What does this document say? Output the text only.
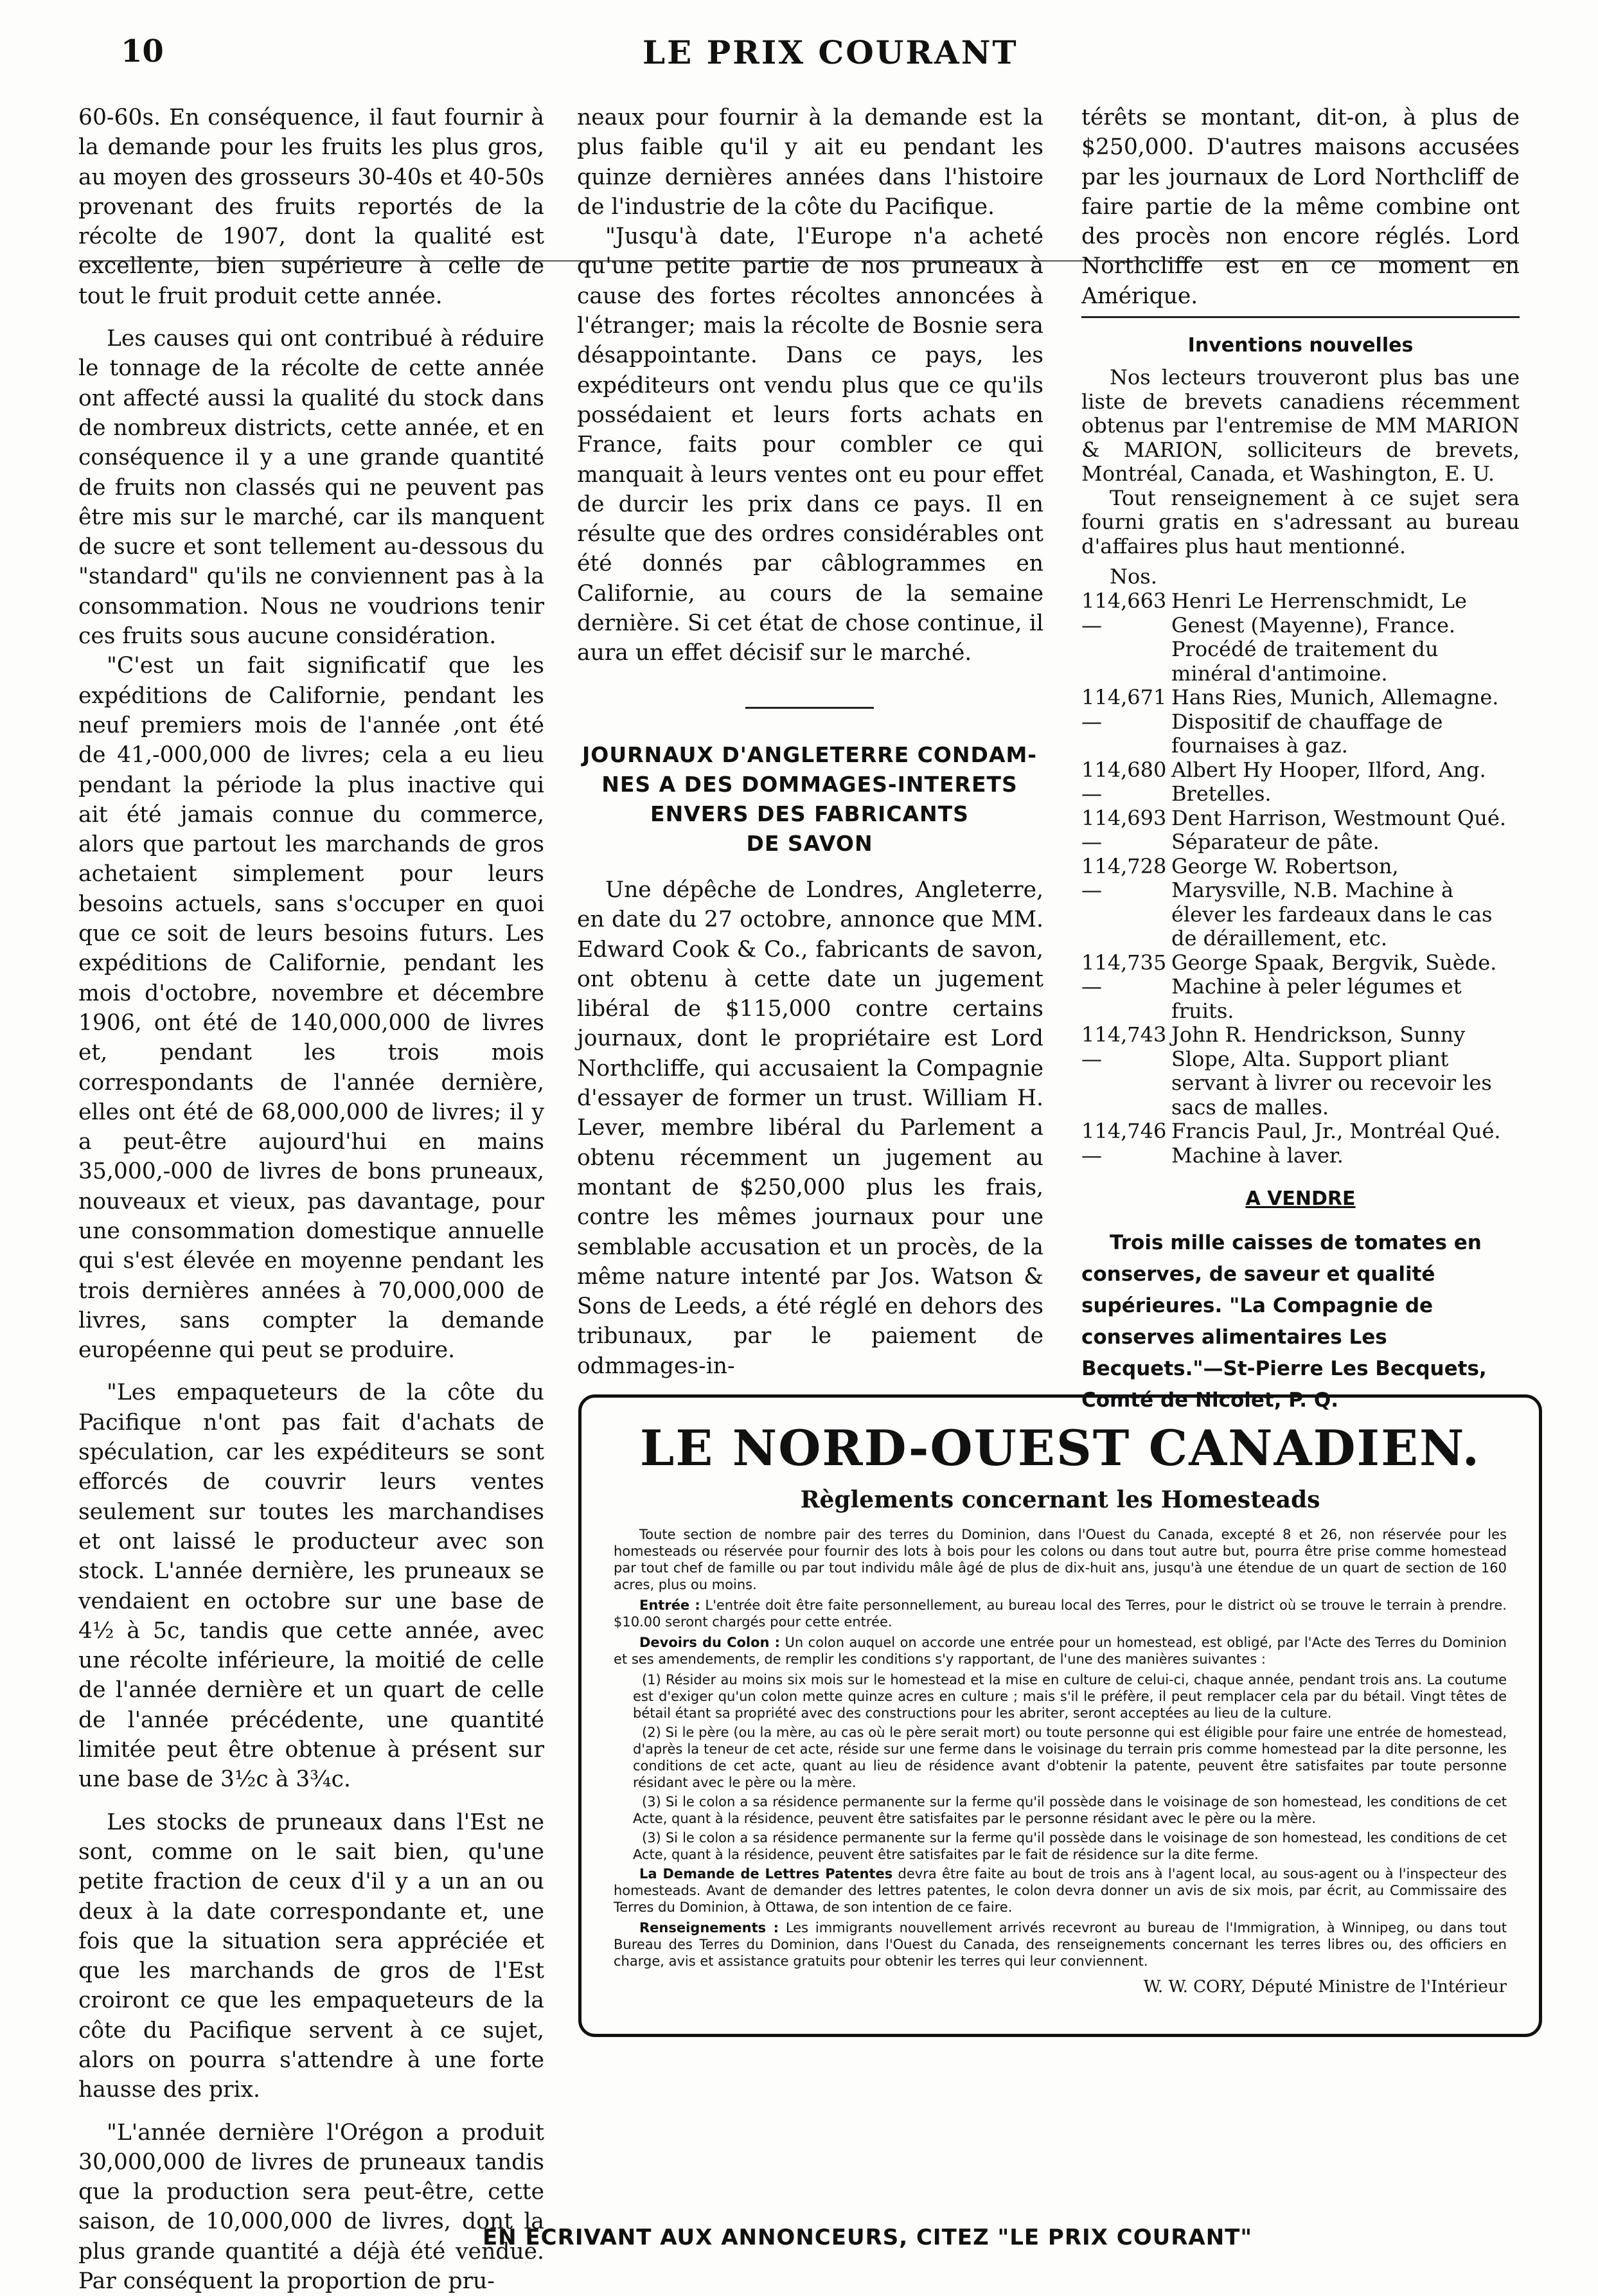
10	LE PRIX COURANT

60-60s. En conséquence, il faut fournir à la demande pour les fruits les plus gros, au moyen des grosseurs 30-40s et 40-50s provenant des fruits reportés de la récolte de 1907, dont la qualité est excellente, bien supérieure à celle de tout le fruit produit cette année.

Les causes qui ont contribué à réduire le tonnage de la récolte de cette année ont affecté aussi la qualité du stock dans de nombreux districts, cette année, et en conséquence il y a une grande quantité de fruits non classés qui ne peuvent pas être mis sur le marché, car ils manquent de sucre et sont tellement au-dessous du "standard" qu'ils ne conviennent pas à la consommation. Nous ne voudrions tenir ces fruits sous aucune considération.

"C'est un fait significatif que les expéditions de Californie, pendant les neuf premiers mois de l'année ,ont été de 41,-000,000 de livres; cela a eu lieu pendant la période la plus inactive qui ait été jamais connue du commerce, alors que partout les marchands de gros achetaient simplement pour leurs besoins actuels, sans s'occuper en quoi que ce soit de leurs besoins futurs. Les expéditions de Californie, pendant les mois d'octobre, novembre et décembre 1906, ont été de 140,000,000 de livres et, pendant les trois mois correspondants de l'année dernière, elles ont été de 68,000,000 de livres; il y a peut-être aujourd'hui en mains 35,000,-000 de livres de bons pruneaux, nouveaux et vieux, pas davantage, pour une consommation domestique annuelle qui s'est élevée en moyenne pendant les trois dernières années à 70,000,000 de livres, sans compter la demande européenne qui peut se produire.

"Les empaqueteurs de la côte du Pacifique n'ont pas fait d'achats de spéculation, car les expéditeurs se sont efforcés de couvrir leurs ventes seulement sur toutes les marchandises et ont laissé le producteur avec son stock. L'année dernière, les pruneaux se vendaient en octobre sur une base de 4½ à 5c, tandis que cette année, avec une récolte inférieure, la moitié de celle de l'année dernière et un quart de celle de l'année précédente, une quantité limitée peut être obtenue à présent sur une base de 3½c à 3¾c.

Les stocks de pruneaux dans l'Est ne sont, comme on le sait bien, qu'une petite fraction de ceux d'il y a un an ou deux à la date correspondante et, une fois que la situation sera appréciée et que les marchands de gros de l'Est croiront ce que les empaqueteurs de la côte du Pacifique servent à ce sujet, alors on pourra s'attendre à une forte hausse des prix.

"L'année dernière l'Orégon a produit 30,000,000 de livres de pruneaux tandis que la production sera peut-être, cette saison, de 10,000,000 de livres, dont la plus grande quantité a déjà été vendue. Par conséquent la proportion de pru-

neaux pour fournir à la demande est la plus faible qu'il y ait eu pendant les quinze dernières années dans l'histoire de l'industrie de la côte du Pacifique.

"Jusqu'à date, l'Europe n'a acheté qu'une petite partie de nos pruneaux à cause des fortes récoltes annoncées à l'étranger; mais la récolte de Bosnie sera désappointante. Dans ce pays, les expéditeurs ont vendu plus que ce qu'ils possédaient et leurs forts achats en France, faits pour combler ce qui manquait à leurs ventes ont eu pour effet de durcir les prix dans ce pays. Il en résulte que des ordres considérables ont été donnés par câblogrammes en Californie, au cours de la semaine dernière. Si cet état de chose continue, il aura un effet décisif sur le marché.

JOURNAUX D'ANGLETERRE CONDAM-
NES A DES DOMMAGES-INTERETS
ENVERS DES FABRICANTS
DE SAVON

Une dépêche de Londres, Angleterre, en date du 27 octobre, annonce que MM. Edward Cook & Co., fabricants de savon, ont obtenu à cette date un jugement libéral de $115,000 contre certains journaux, dont le propriétaire est Lord Northcliffe, qui accusaient la Compagnie d'essayer de former un trust. William H. Lever, membre libéral du Parlement a obtenu récemment un jugement au montant de $250,000 plus les frais, contre les mêmes journaux pour une semblable accusation et un procès, de la même nature intenté par Jos. Watson & Sons de Leeds, a été réglé en dehors des tribunaux, par le paiement de odmmages-in-

térêts se montant, dit-on, à plus de $250,000. D'autres maisons accusées par les journaux de Lord Northcliff de faire partie de la même combine ont des procès non encore réglés. Lord Northcliffe est en ce moment en Amérique.

Inventions nouvelles

Nos lecteurs trouveront plus bas une liste de brevets canadiens récemment obtenus par l'entremise de MM MARION & MARION, solliciteurs de brevets, Montréal, Canada, et Washington, E. U.

Tout renseignement à ce sujet sera fourni gratis en s'adressant au bureau d'affaires plus haut mentionné.

Nos.

114,663—
Henri Le Herrenschmidt, Le Genest (Mayenne), France. Procédé de traitement du minéral d'antimoine.
114,671—
Hans Ries, Munich, Allemagne. Dispositif de chauffage de fournaises à gaz.
114,680—
Albert Hy Hooper, Ilford, Ang. Bretelles.
114,693—
Dent Harrison, Westmount Qué. Séparateur de pâte.
114,728—
George W. Robertson, Marysville, N.B. Machine à élever les fardeaux dans le cas de déraillement, etc.
114,735—
George Spaak, Bergvik, Suède. Machine à peler légumes et fruits.
114,743—
John R. Hendrickson, Sunny Slope, Alta. Support pliant servant à livrer ou recevoir les sacs de malles.
114,746—
Francis Paul, Jr., Montréal Qué. Machine à laver.
A VENDRE

Trois mille caisses de tomates en conserves, de saveur et qualité supérieures. "La Compagnie de conserves alimentaires Les Becquets."—St-Pierre Les Becquets, Comté de Nicolet, P. Q.

LE NORD-OUEST CANADIEN.
Règlements concernant les Homesteads

Toute section de nombre pair des terres du Dominion, dans l'Ouest du Canada, excepté 8 et 26, non réservée pour les homesteads ou réservée pour fournir des lots à bois pour les colons ou dans tout autre but, pourra être prise comme homestead par tout chef de famille ou par tout individu mâle âgé de plus de dix-huit ans, jusqu'à une étendue de un quart de section de 160 acres, plus ou moins.

Entrée : L'entrée doit être faite personnellement, au bureau local des Terres, pour le district où se trouve le terrain à prendre. $10.00 seront chargés pour cette entrée.

Devoirs du Colon : Un colon auquel on accorde une entrée pour un homestead, est obligé, par l'Acte des Terres du Dominion et ses amendements, de remplir les conditions s'y rapportant, de l'une des manières suivantes :

(1) Résider au moins six mois sur le homestead et la mise en culture de celui-ci, chaque année, pendant trois ans. La coutume est d'exiger qu'un colon mette quinze acres en culture ; mais s'il le préfère, il peut remplacer cela par du bétail. Vingt têtes de bétail étant sa propriété avec des constructions pour les abriter, seront acceptées au lieu de la culture.

(2) Si le père (ou la mère, au cas où le père serait mort) ou toute personne qui est éligible pour faire une entrée de homestead, d'après la teneur de cet acte, réside sur une ferme dans le voisinage du terrain pris comme homestead par la dite personne, les conditions de cet acte, quant au lieu de résidence avant d'obtenir la patente, peuvent être satisfaites par toute personne résidant avec le père ou la mère.

(3) Si le colon a sa résidence permanente sur la ferme qu'il possède dans le voisinage de son homestead, les conditions de cet Acte, quant à la résidence, peuvent être satisfaites par le personne résidant avec le père ou la mère.

(3) Si le colon a sa résidence permanente sur la ferme qu'il possède dans le voisinage de son homestead, les conditions de cet Acte, quant à la résidence, peuvent être satisfaites par le fait de résidence sur la dite ferme.

La Demande de Lettres Patentes devra être faite au bout de trois ans à l'agent local, au sous-agent ou à l'inspecteur des homesteads. Avant de demander des lettres patentes, le colon devra donner un avis de six mois, par écrit, au Commissaire des Terres du Dominion, à Ottawa, de son intention de ce faire.

Renseignements : Les immigrants nouvellement arrivés recevront au bureau de l'Immigration, à Winnipeg, ou dans tout Bureau des Terres du Dominion, dans l'Ouest du Canada, des renseignements concernant les terres libres ou, des officiers en charge, avis et assistance gratuits pour obtenir les terres qui leur conviennent.

W. W. CORY, Député Ministre de l'Intérieur
EN ECRIVANT AUX ANNONCEURS, CITEZ "LE PRIX COURANT"
